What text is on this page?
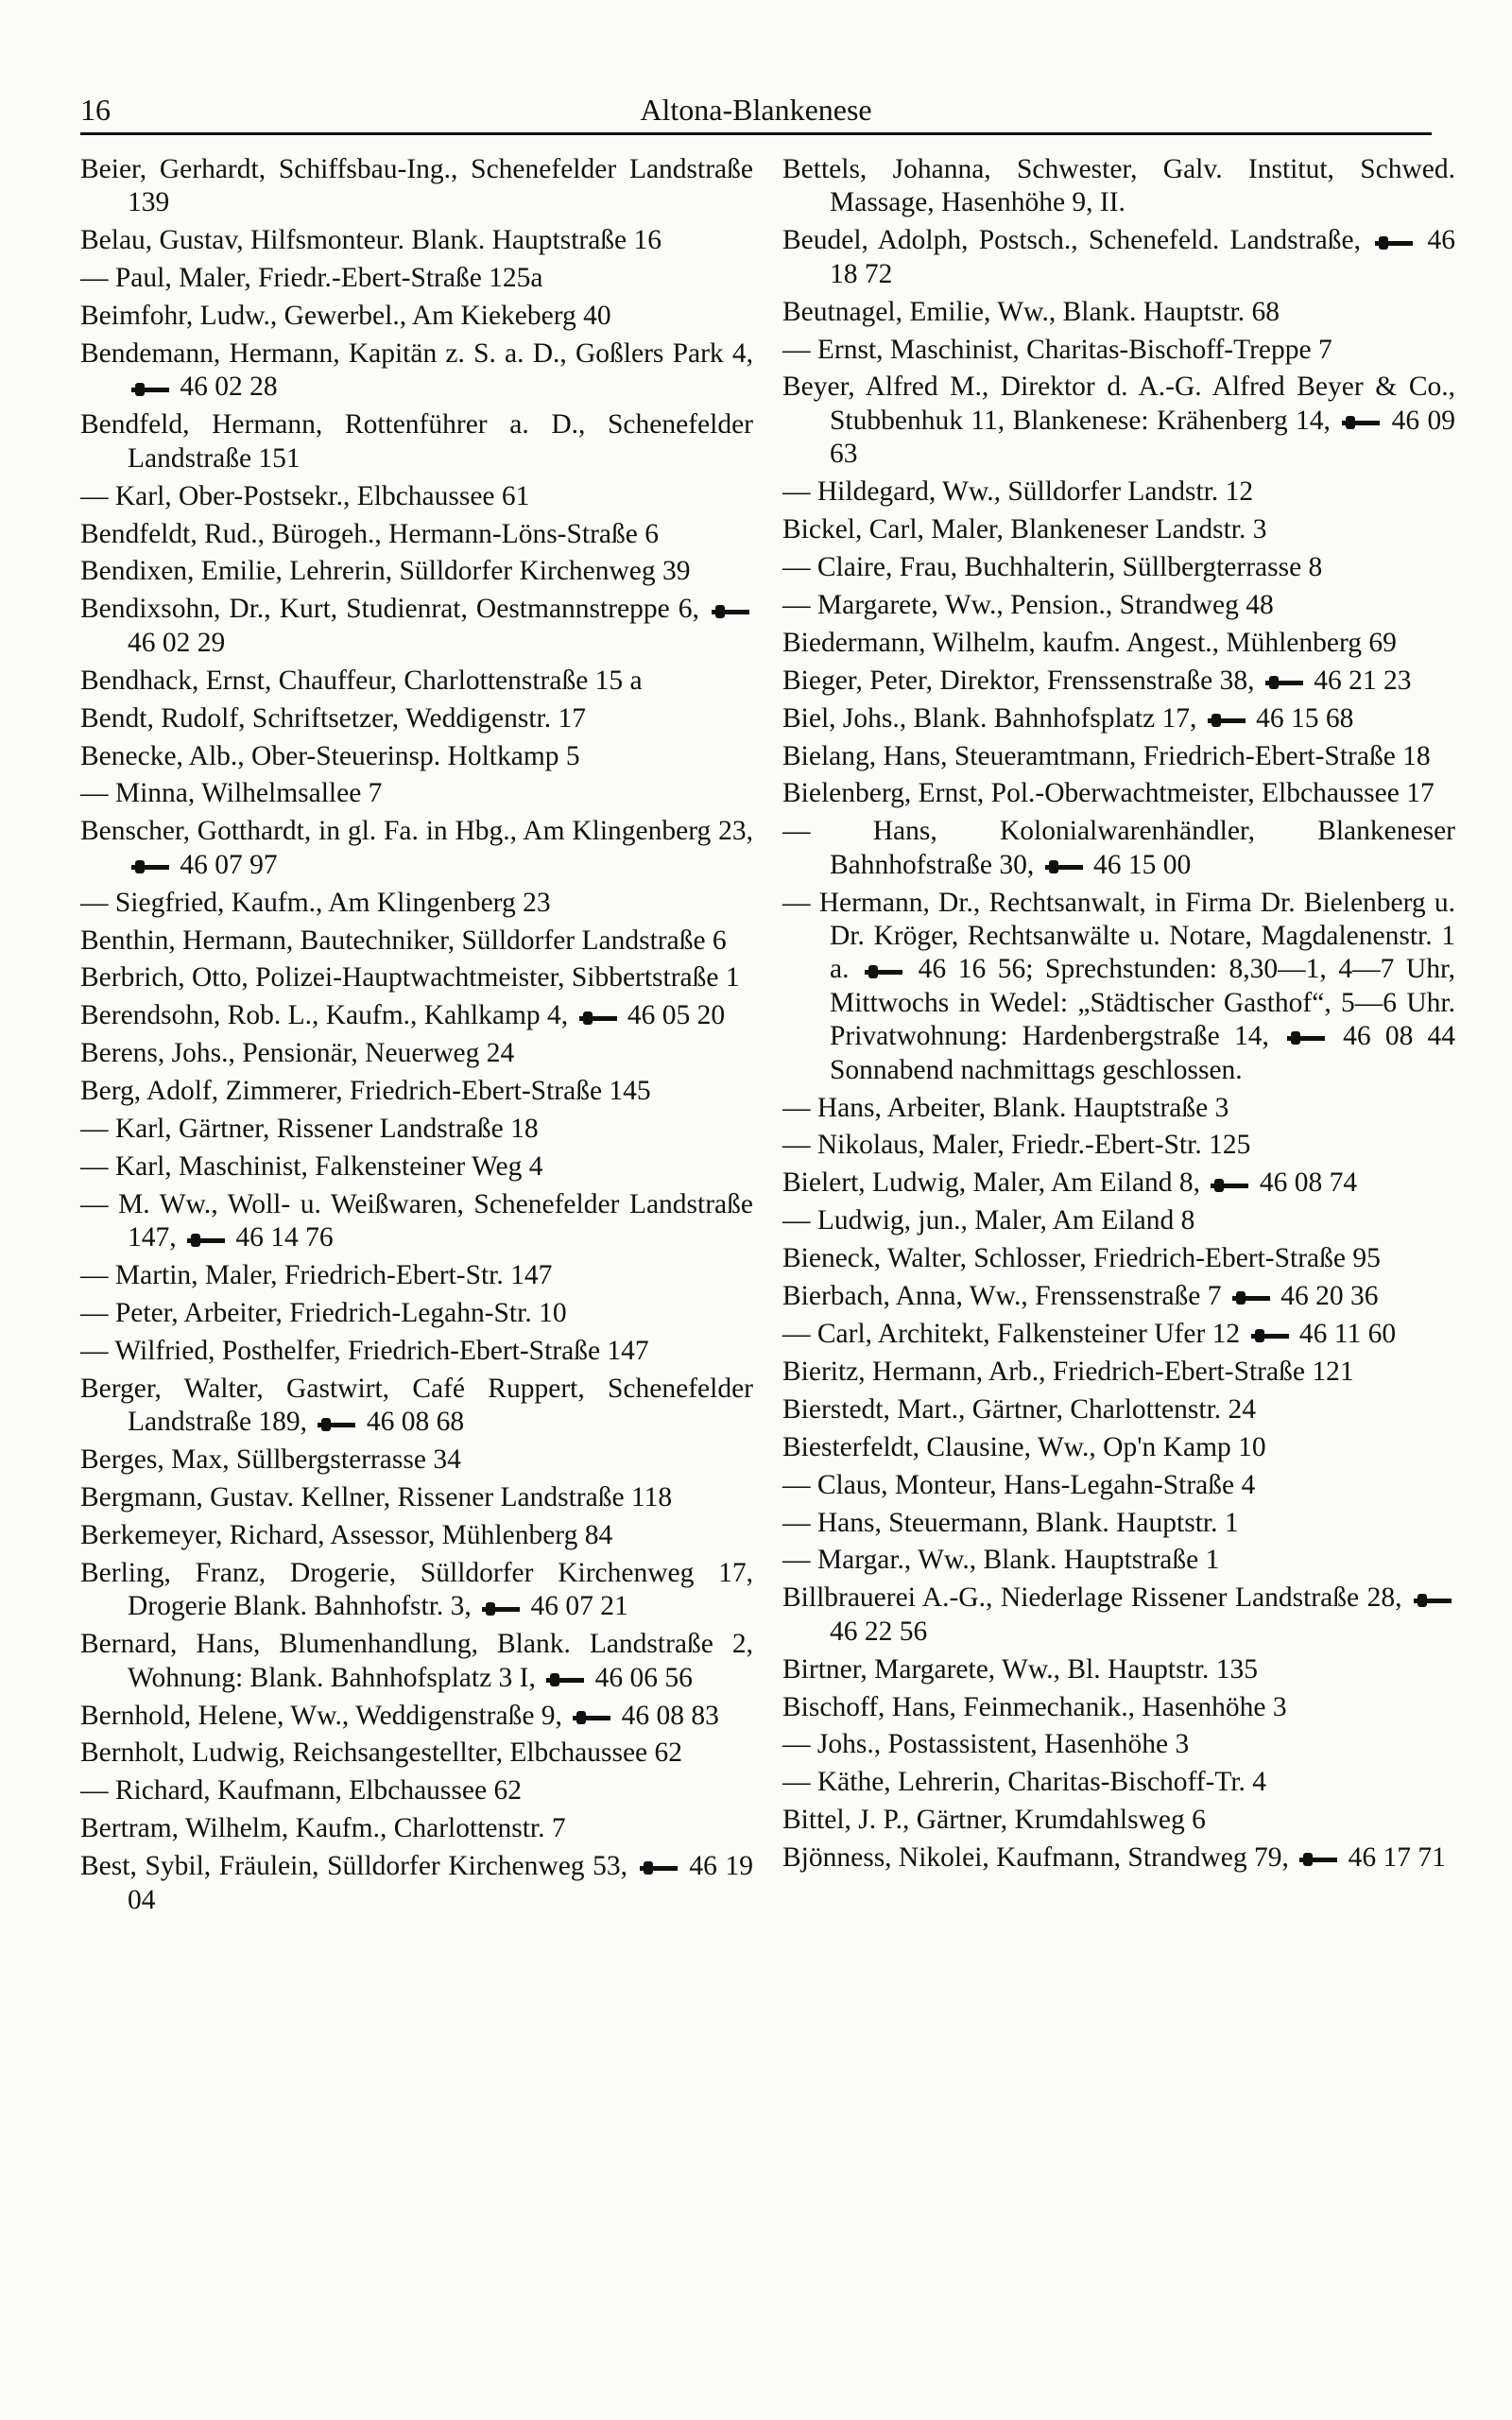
16	Altona-Blankenese
Beier, Gerhardt, Schiffsbau-Ing., Schenefelder Landstraße 139
Belau, Gustav, Hilfsmonteur. Blank. Hauptstraße 16
— Paul, Maler, Friedr.-Ebert-Straße 125a
Beimfohr, Ludw., Gewerbel., Am Kiekeberg 40
Bendemann, Hermann, Kapitän z. S. a. D., Goßlers Park 4,  46 02 28
Bendfeld, Hermann, Rottenführer a. D., Schenefelder Landstraße 151
— Karl, Ober-Postsekr., Elbchaussee 61
Bendfeldt, Rud., Bürogeh., Hermann-Löns-Straße 6
Bendixen, Emilie, Lehrerin, Sülldorfer Kirchenweg 39
Bendixsohn, Dr., Kurt, Studienrat, Oestmannstreppe 6,  46 02 29
Bendhack, Ernst, Chauffeur, Charlottenstraße 15 a
Bendt, Rudolf, Schriftsetzer, Weddigenstr. 17
Benecke, Alb., Ober-Steuerinsp. Holtkamp 5
— Minna, Wilhelmsallee 7
Benscher, Gotthardt, in gl. Fa. in Hbg., Am Klingenberg 23,  46 07 97
— Siegfried, Kaufm., Am Klingenberg 23
Benthin, Hermann, Bautechniker, Sülldorfer Landstraße 6
Berbrich, Otto, Polizei-Hauptwachtmeister, Sibbertstraße 1
Berendsohn, Rob. L., Kaufm., Kahlkamp 4,  46 05 20
Berens, Johs., Pensionär, Neuerweg 24
Berg, Adolf, Zimmerer, Friedrich-Ebert-Straße 145
— Karl, Gärtner, Rissener Landstraße 18
— Karl, Maschinist, Falkensteiner Weg 4
— M. Ww., Woll- u. Weißwaren, Schenefelder Landstraße 147,  46 14 76
— Martin, Maler, Friedrich-Ebert-Str. 147
— Peter, Arbeiter, Friedrich-Legahn-Str. 10
— Wilfried, Posthelfer, Friedrich-Ebert-Straße 147
Berger, Walter, Gastwirt, Café Ruppert, Schenefelder Landstraße 189,  46 08 68
Berges, Max, Süllbergsterrasse 34
Bergmann, Gustav. Kellner, Rissener Landstraße 118
Berkemeyer, Richard, Assessor, Mühlenberg 84
Berling, Franz, Drogerie, Sülldorfer Kirchenweg 17, Drogerie Blank. Bahnhofstr. 3,  46 07 21
Bernard, Hans, Blumenhandlung, Blank. Landstraße 2, Wohnung: Blank. Bahnhofsplatz 3 I,  46 06 56
Bernhold, Helene, Ww., Weddigenstraße 9,  46 08 83
Bernholt, Ludwig, Reichsangestellter, Elbchaussee 62
— Richard, Kaufmann, Elbchaussee 62
Bertram, Wilhelm, Kaufm., Charlottenstr. 7
Best, Sybil, Fräulein, Sülldorfer Kirchenweg 53,  46 19 04
Bettels, Johanna, Schwester, Galv. Institut, Schwed. Massage, Hasenhöhe 9, II.
Beudel, Adolph, Postsch., Schenefeld. Landstraße,  46 18 72
Beutnagel, Emilie, Ww., Blank. Hauptstr. 68
— Ernst, Maschinist, Charitas-Bischoff-Treppe 7
Beyer, Alfred M., Direktor d. A.-G. Alfred Beyer & Co., Stubbenhuk 11, Blankenese: Krähenberg 14,  46 09 63
— Hildegard, Ww., Sülldorfer Landstr. 12
Bickel, Carl, Maler, Blankeneser Landstr. 3
— Claire, Frau, Buchhalterin, Süllbergterrasse 8
— Margarete, Ww., Pension., Strandweg 48
Biedermann, Wilhelm, kaufm. Angest., Mühlenberg 69
Bieger, Peter, Direktor, Frenssenstraße 38,  46 21 23
Biel, Johs., Blank. Bahnhofsplatz 17,  46 15 68
Bielang, Hans, Steueramtmann, Friedrich-Ebert-Straße 18
Bielenberg, Ernst, Pol.-Oberwachtmeister, Elbchaussee 17
— Hans, Kolonialwarenhändler, Blankeneser Bahnhofstraße 30,  46 15 00
— Hermann, Dr., Rechtsanwalt, in Firma Dr. Bielenberg u. Dr. Kröger, Rechtsanwälte u. Notare, Magdalenenstr. 1 a.  46 16 56; Sprechstunden: 8,30—1, 4—7 Uhr, Mittwochs in Wedel: „Städtischer Gasthof“, 5—6 Uhr. Privatwohnung: Hardenbergstraße 14,  46 08 44 Sonnabend nachmittags geschlossen.
— Hans, Arbeiter, Blank. Hauptstraße 3
— Nikolaus, Maler, Friedr.-Ebert-Str. 125
Bielert, Ludwig, Maler, Am Eiland 8,  46 08 74
— Ludwig, jun., Maler, Am Eiland 8
Bieneck, Walter, Schlosser, Friedrich-Ebert-Straße 95
Bierbach, Anna, Ww., Frenssenstraße 7  46 20 36
— Carl, Architekt, Falkensteiner Ufer 12  46 11 60
Bieritz, Hermann, Arb., Friedrich-Ebert-Straße 121
Bierstedt, Mart., Gärtner, Charlottenstr. 24
Biesterfeldt, Clausine, Ww., Op'n Kamp 10
— Claus, Monteur, Hans-Legahn-Straße 4
— Hans, Steuermann, Blank. Hauptstr. 1
— Margar., Ww., Blank. Hauptstraße 1
Billbrauerei A.-G., Niederlage Rissener Landstraße 28,  46 22 56
Birtner, Margarete, Ww., Bl. Hauptstr. 135
Bischoff, Hans, Feinmechanik., Hasenhöhe 3
— Johs., Postassistent, Hasenhöhe 3
— Käthe, Lehrerin, Charitas-Bischoff-Tr. 4
Bittel, J. P., Gärtner, Krumdahlsweg 6
Bjönness, Nikolei, Kaufmann, Strandweg 79,  46 17 71
